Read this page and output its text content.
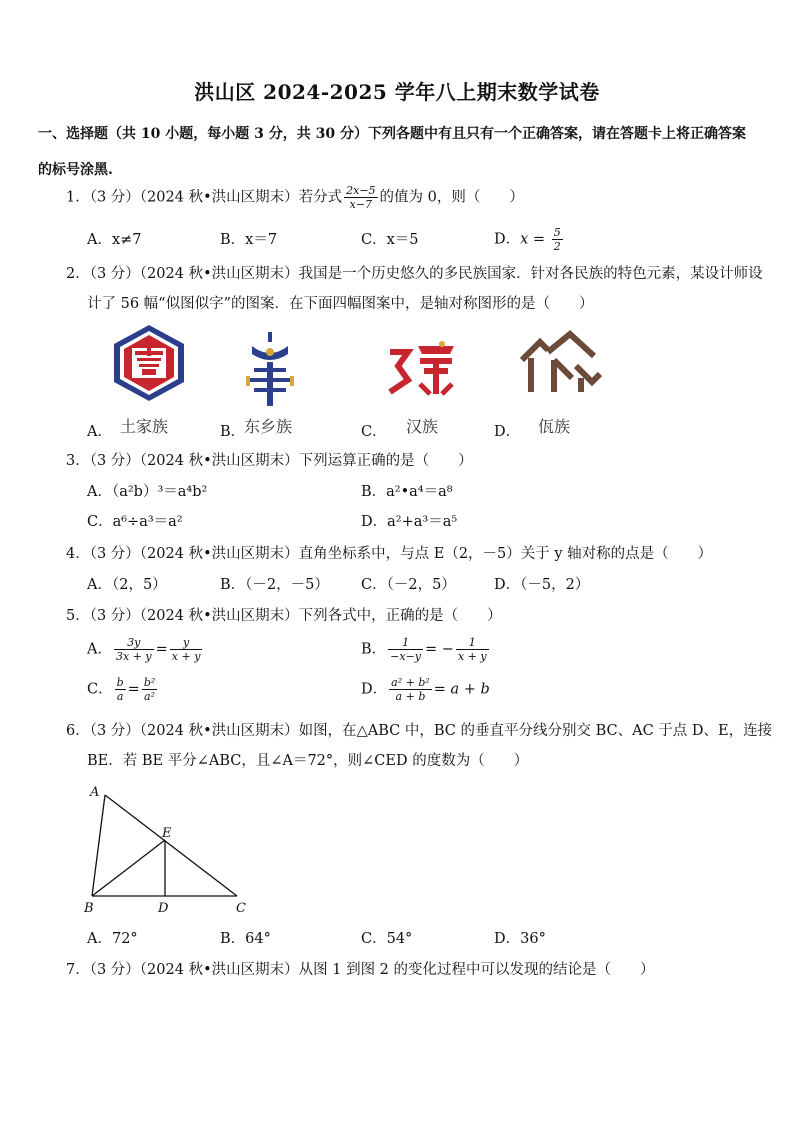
洪山区 2024-2025 学年八上期末数学试卷
一、选择题（共 10 小题，每小题 3 分，共 30 分）下列各题中有且只有一个正确答案，请在答题卡上将正确答案的标号涂黑.
1．（3 分）（2024 秋•洪山区期末）若分式 $\frac{2x-5}{x-7}$ 的值为 0，则（　　）
A．x≠7	B．x＝7	C．x＝5	D．$x = \frac{5}{2}$
2．（3 分）（2024 秋•洪山区期末）我国是一个历史悠久的多民族国家．针对各民族的特色元素，某设计师设
计了 56 幅“似图似字”的图案．在下面四幅图案中，是轴对称图形的是（　　）
土家族
A．	东乡族
B．	汉族
C．	佤族
D．
3．（3 分）（2024 秋•洪山区期末）下列运算正确的是（　　）
A．（a²b）³＝a⁴b²	B．a²•a⁴＝a⁸
C．a⁶÷a³＝a²	D．a²+a³＝a⁵
4．（3 分）（2024 秋•洪山区期末）直角坐标系中，与点 E（2，－5）关于 y 轴对称的点是（　　）
A．（2，5）	B．（－2，－5） C．（－2，5）	D．（－5，2）
5．（3 分）（2024 秋•洪山区期末）下列各式中，正确的是（　　）
A． $\frac{3y}{3x + y} = \frac{y}{x + y}$	B． $\frac{1}{-x-y}$ = − $\frac{1}{x + y}$
C． $\frac{b}{a} = \frac{\text{b²}}{\text{a²}}$	D． $\frac{\text{a² + b²}}{a + b} = a + b$
6．（3 分）（2024 秋•洪山区期末）如图，在△ABC 中，BC 的垂直平分线分别交 BC、AC 于点 D、E，连接
BE．若 BE 平分∠ABC，且∠A＝72°，则∠CED 的度数为（　　）
A
E
B	D	C
A．72°	B．64°	C．54°	D．36°
7．（3 分）（2024 秋•洪山区期末）从图 1 到图 2 的变化过程中可以发现的结论是（　　）
